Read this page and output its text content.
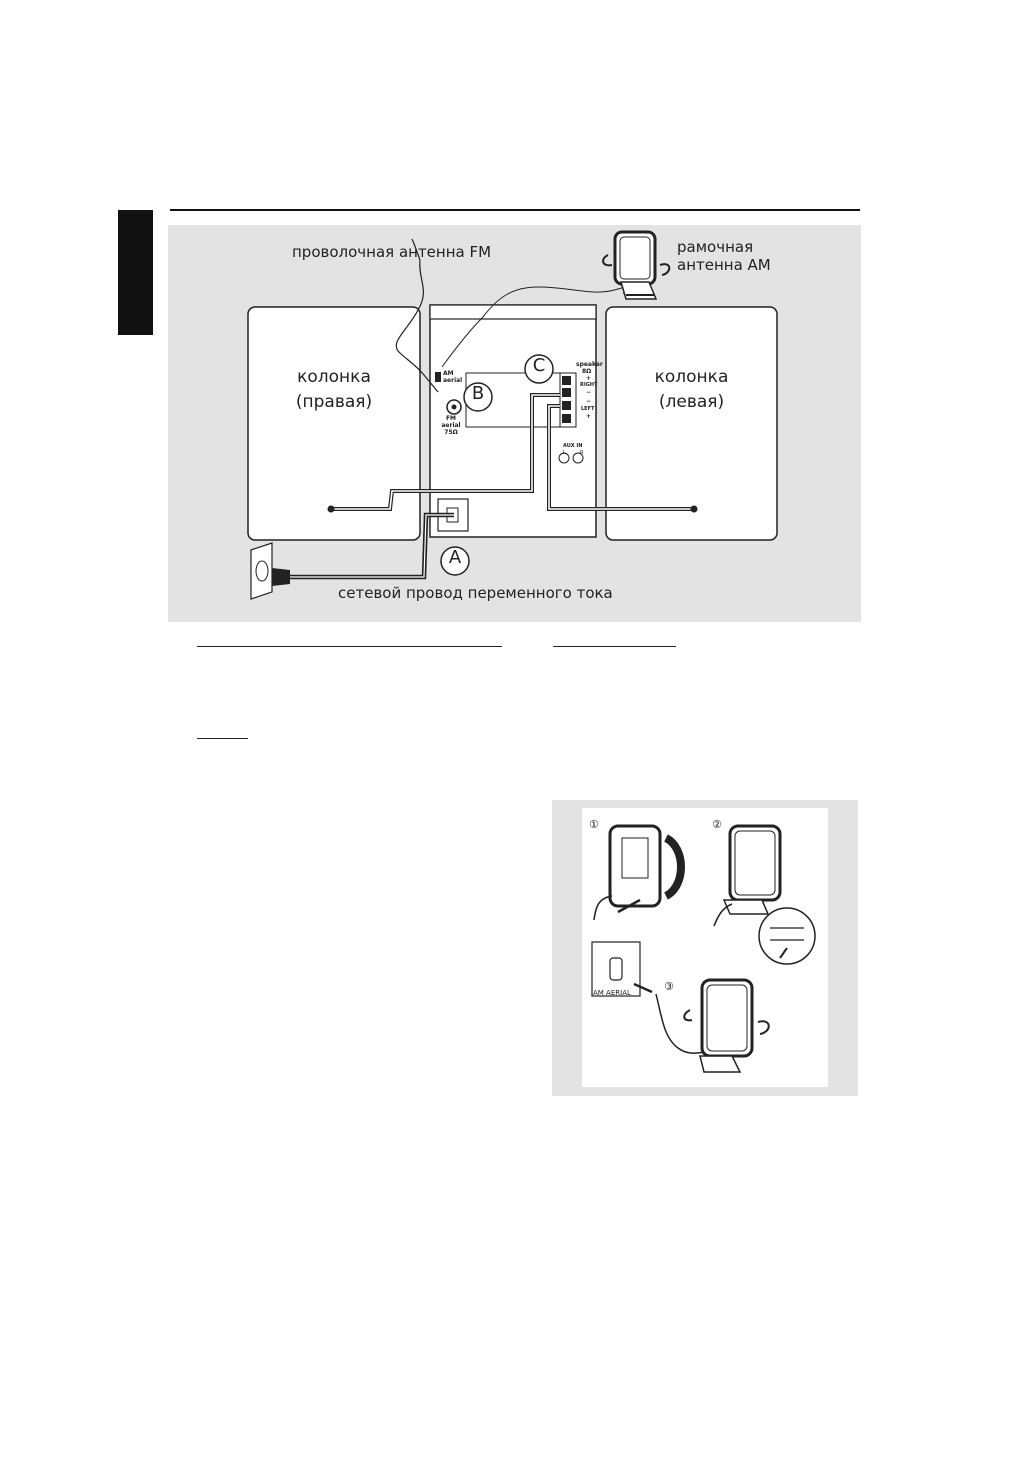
проволочная антенна FM	рамочная
антенна AM
колонка
(правая)
колонка
(левая)
сетевой провод переменного тока
B
C
A
AM
aerial
FM
aerial
75Ω
speaker
8Ω
+
RIGHT
−
−
LEFT
+
AUX IN
L	R
①	②
③
AM AERIAL
